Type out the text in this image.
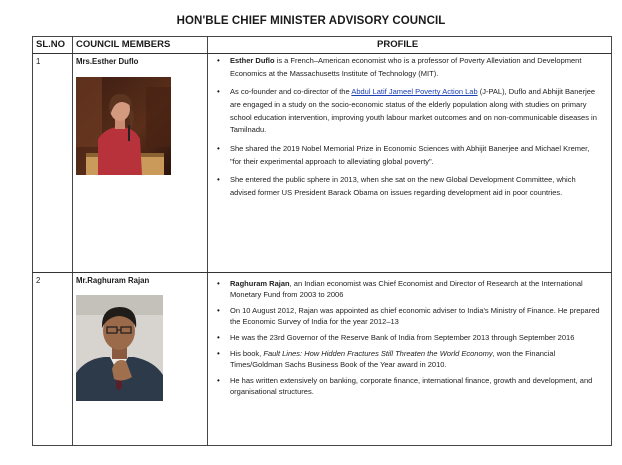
HON'BLE CHIEF MINISTER ADVISORY COUNCIL
SL.NO COUNCIL MEMBERS	PROFILE
1	Mrs.Esther Duflo	• Esther Duflo is a French–American economist who is a professor of Poverty Alleviation and Development Economics at the Massachusetts Institute of Technology (MIT).
• As co-founder and co-director of the Abdul Latif Jameel Poverty Action Lab (J-PAL), Duflo and Abhijit Banerjee are engaged in a study on the socio-economic status of the elderly population along with studies on primary school education intervention, improving youth labour market outcomes and on non-communicable diseases in Tamilnadu.
• She shared the 2019 Nobel Memorial Prize in Economic Sciences with Abhijit Banerjee and Michael Kremer, "for their experimental approach to alleviating global poverty".
• She entered the public sphere in 2013, when she sat on the new Global Development Committee, which advised former US President Barack Obama on issues regarding development aid in poor countries.
2	Mr.Raghuram Rajan	• Raghuram Rajan, an Indian economist was Chief Economist and Director of Research at the International Monetary Fund from 2003 to 2006
• On 10 August 2012, Rajan was appointed as chief economic adviser to India's Ministry of Finance. He prepared the Economic Survey of India for the year 2012–13
• He was the 23rd Governor of the Reserve Bank of India from September 2013 through September 2016
• His book, Fault Lines: How Hidden Fractures Still Threaten the World Economy, won the Financial Times/Goldman Sachs Business Book of the Year award in 2010.
• He has written extensively on banking, corporate finance, international finance, growth and development, and organisational structures.
